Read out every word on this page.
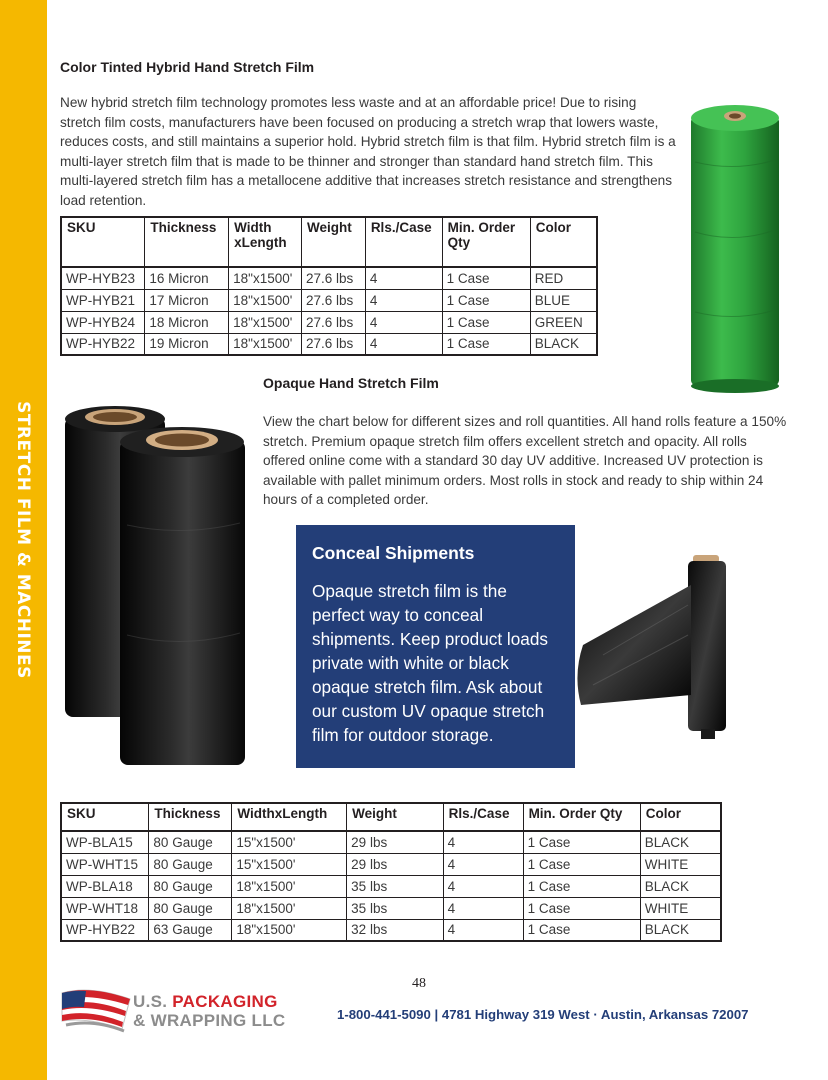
STRETCH FILM & MACHINES
Color Tinted Hybrid Hand Stretch Film
New hybrid stretch film technology promotes less waste and at an affordable price! Due to rising stretch film costs, manufacturers have been focused on producing a stretch wrap that lowers waste, reduces costs, and still maintains a superior hold. Hybrid stretch film is that film. Hybrid stretch film is a multi-layer stretch film that is made to be thinner and stronger than standard hand stretch film. This multi-layered stretch film has a metallocene additive that increases stretch resistance and strengthens load retention.
SKU	Thickness	Width xLength	Weight	Rls./Case	Min. Order Qty	Color
WP-HYB23	16 Micron	18"x1500'	27.6 lbs	4	1 Case	RED
WP-HYB21	17 Micron	18"x1500'	27.6 lbs	4	1 Case	BLUE
WP-HYB24	18 Micron	18"x1500'	27.6 lbs	4	1 Case	GREEN
WP-HYB22	19 Micron	18"x1500'	27.6 lbs	4	1 Case	BLACK
Opaque Hand Stretch Film
View the chart below for different sizes and roll quantities. All hand rolls feature a 150% stretch. Premium opaque stretch film offers excellent stretch and opacity. All rolls offered online come with a standard 30 day UV additive. Increased UV protection is available with pallet minimum orders. Most rolls in stock and ready to ship within 24 hours of a completed order.
Conceal Shipments
Opaque stretch film is the perfect way to conceal shipments. Keep product loads private with white or black opaque stretch film. Ask about our custom UV opaque stretch film for outdoor storage.
SKU	Thickness	WidthxLength	Weight	Rls./Case	Min. Order Qty	Color
WP-BLA15	80 Gauge	15"x1500'	29 lbs	4	1 Case	BLACK
WP-WHT15	80 Gauge	15"x1500'	29 lbs	4	1 Case	WHITE
WP-BLA18	80 Gauge	18"x1500'	35 lbs	4	1 Case	BLACK
WP-WHT18	80 Gauge	18"x1500'	35 lbs	4	1 Case	WHITE
WP-HYB22	63 Gauge	18"x1500'	32 lbs	4	1 Case	BLACK
48
U.S. PACKAGING
& WRAPPING LLC	1-800-441-5090 | 4781 Highway 319 West · Austin, Arkansas 72007
